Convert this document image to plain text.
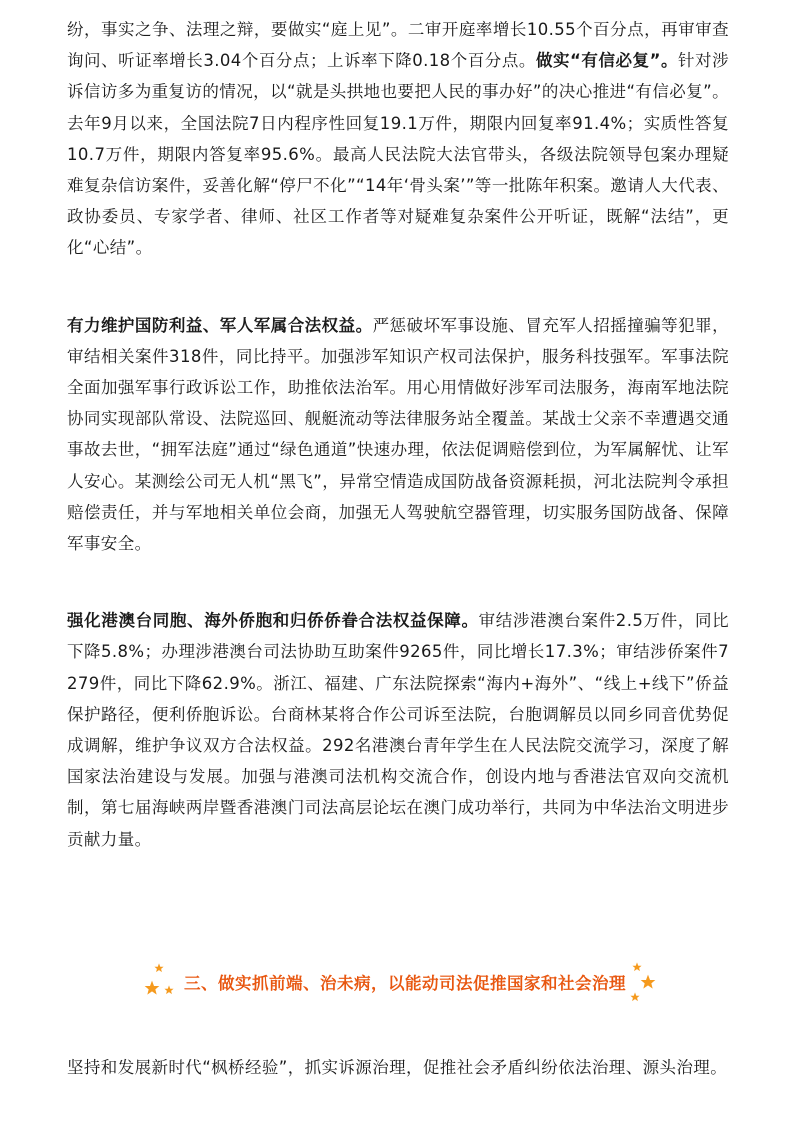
纷，事实之争、法理之辩，要做实“庭上见”。二审开庭率增长10.55个百分点，再审审查询问、听证率增长3.04个百分点；上诉率下降0.18个百分点。做实“有信必复”。针对涉诉信访多为重复访的情况，以“就是头拱地也要把人民的事办好”的决心推进“有信必复”。去年9月以来，全国法院7日内程序性回复19.1万件，期限内回复率91.4%；实质性答复10.7万件，期限内答复率95.6%。最高人民法院大法官带头，各级法院领导包案办理疑难复杂信访案件，妥善化解“停尸不化”“14年‘骨头案’”等一批陈年积案。邀请人大代表、政协委员、专家学者、律师、社区工作者等对疑难复杂案件公开听证，既解“法结”，更化“心结”。

有力维护国防利益、军人军属合法权益。严惩破坏军事设施、冒充军人招摇撞骗等犯罪，审结相关案件318件，同比持平。加强涉军知识产权司法保护，服务科技强军。军事法院全面加强军事行政诉讼工作，助推依法治军。用心用情做好涉军司法服务，海南军地法院协同实现部队常设、法院巡回、舰艇流动等法律服务站全覆盖。某战士父亲不幸遭遇交通事故去世，“拥军法庭”通过“绿色通道”快速办理，依法促调赔偿到位，为军属解忧、让军人安心。某测绘公司无人机“黑飞”，异常空情造成国防战备资源耗损，河北法院判令承担赔偿责任，并与军地相关单位会商，加强无人驾驶航空器管理，切实服务国防战备、保障军事安全。

强化港澳台同胞、海外侨胞和归侨侨眷合法权益保障。审结涉港澳台案件2.5万件，同比下降5.8%；办理涉港澳台司法协助互助案件9265件，同比增长17.3%；审结涉侨案件7279件，同比下降62.9%。浙江、福建、广东法院探索“海内+海外”、“线上+线下”侨益保护路径，便利侨胞诉讼。台商林某将合作公司诉至法院，台胞调解员以同乡同音优势促成调解，维护争议双方合法权益。292名港澳台青年学生在人民法院交流学习，深度了解国家法治建设与发展。加强与港澳司法机构交流合作，创设内地与香港法官双向交流机制，第七届海峡两岸暨香港澳门司法高层论坛在澳门成功举行，共同为中华法治文明进步贡献力量。

三、做实抓前端、治未病，以能动司法促推国家和社会治理

坚持和发展新时代“枫桥经验”，抓实诉源治理，促推社会矛盾纠纷依法治理、源头治理。
